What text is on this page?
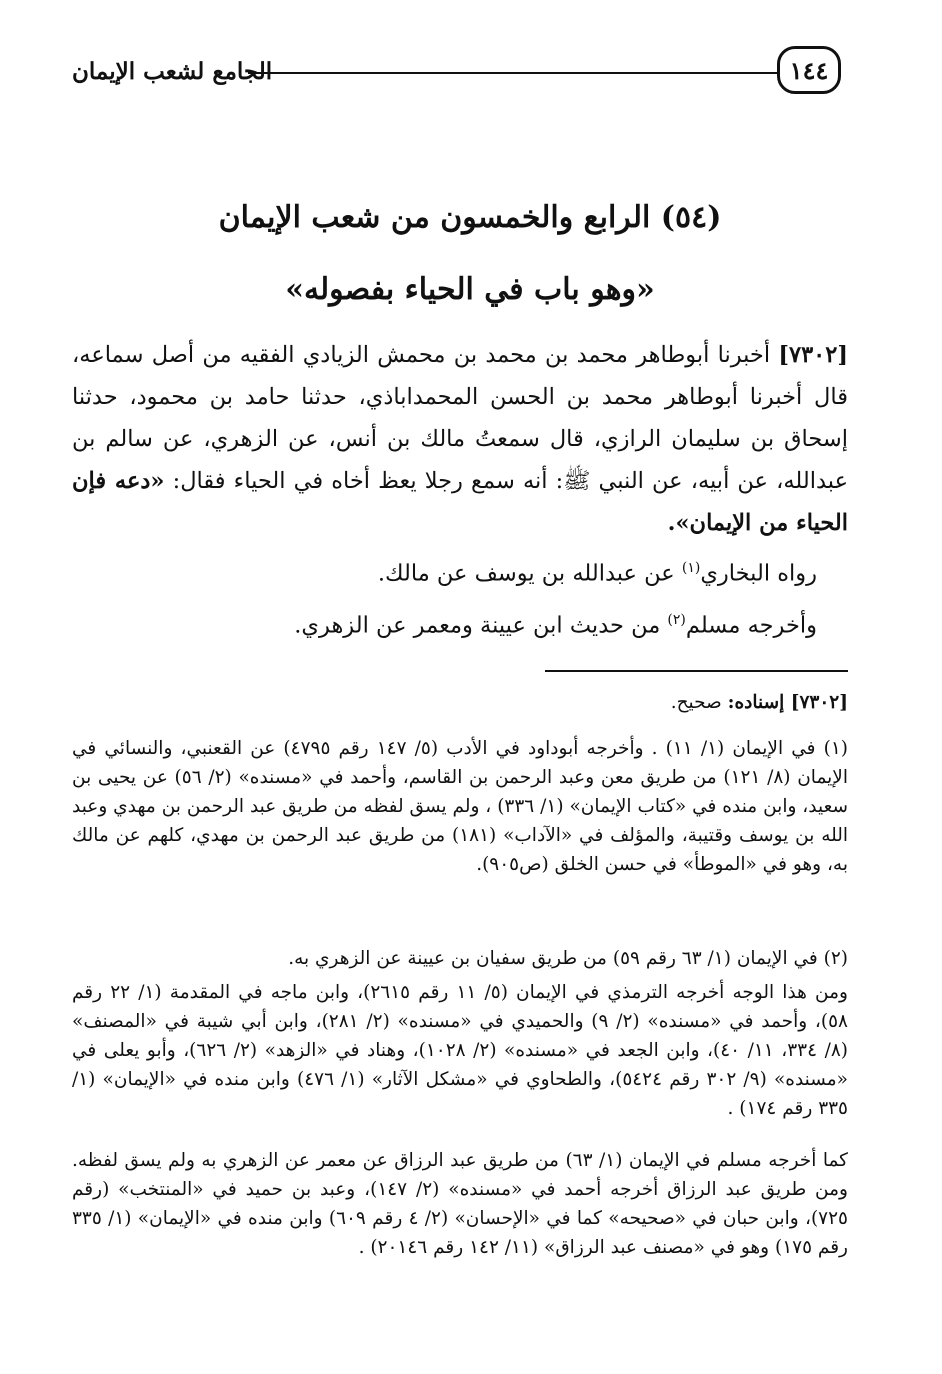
١٤٤
الجامع لشعب الإيمان
(٥٤) الرابع والخمسون من شعب الإيمان
«وهو باب في الحياء بفصوله»
[٧٣٠٢] أخبرنا أبوطاهر محمد بن محمد بن محمش الزيادي الفقيه من أصل سماعه، قال أخبرنا أبوطاهر محمد بن الحسن المحمداباذي، حدثنا حامد بن محمود، حدثنا إسحاق بن سليمان الرازي، قال سمعتُ مالك بن أنس، عن الزهري، عن سالم بن عبدالله، عن أبيه، عن النبي ﷺ: أنه سمع رجلا يعظ أخاه في الحياء فقال: «دعه فإن الحياء من الإيمان».
رواه البخاري$^{(١)}$ عن عبدالله بن يوسف عن مالك.
وأخرجه مسلم$^{(٢)}$ من حديث ابن عيينة ومعمر عن الزهري.
[٧٣٠٢] إسناده: صحيح.
(١) في الإيمان (١/ ١١) . وأخرجه أبوداود في الأدب (٥/ ١٤٧ رقم ٤٧٩٥) عن القعنبي، والنسائي في الإيمان (٨/ ١٢١) من طريق معن وعبد الرحمن بن القاسم، وأحمد في «مسنده» (٢/ ٥٦) عن يحيى بن سعيد، وابن منده في «كتاب الإيمان» (١/ ٣٣٦) ، ولم يسق لفظه من طريق عبد الرحمن بن مهدي وعبد الله بن يوسف وقتيبة، والمؤلف في «الآداب» (١٨١) من طريق عبد الرحمن بن مهدي، كلهم عن مالك به، وهو في «الموطأ» في حسن الخلق (ص٩٠٥).
(٢) في الإيمان (١/ ٦٣ رقم ٥٩) من طريق سفيان بن عيينة عن الزهري به.
ومن هذا الوجه أخرجه الترمذي في الإيمان (٥/ ١١ رقم ٢٦١٥)، وابن ماجه في المقدمة (١/ ٢٢ رقم ٥٨)، وأحمد في «مسنده» (٢/ ٩) والحميدي في «مسنده» (٢/ ٢٨١)، وابن أبي شيبة في «المصنف» (٨/ ٣٣٤، ١١/ ٤٠)، وابن الجعد في «مسنده» (٢/ ١٠٢٨)، وهناد في «الزهد» (٢/ ٦٢٦)، وأبو يعلى في «مسنده» (٩/ ٣٠٢ رقم ٥٤٢٤)، والطحاوي في «مشكل الآثار» (١/ ٤٧٦) وابن منده في «الإيمان» (١/ ٣٣٥ رقم ١٧٤) .
كما أخرجه مسلم في الإيمان (١/ ٦٣) من طريق عبد الرزاق عن معمر عن الزهري به ولم يسق لفظه. ومن طريق عبد الرزاق أخرجه أحمد في «مسنده» (٢/ ١٤٧)، وعبد بن حميد في «المنتخب» (رقم ٧٢٥)، وابن حبان في «صحيحه» كما في «الإحسان» (٢/ ٤ رقم ٦٠٩) وابن منده في «الإيمان» (١/ ٣٣٥ رقم ١٧٥) وهو في «مصنف عبد الرزاق» (١١/ ١٤٢ رقم ٢٠١٤٦) .
